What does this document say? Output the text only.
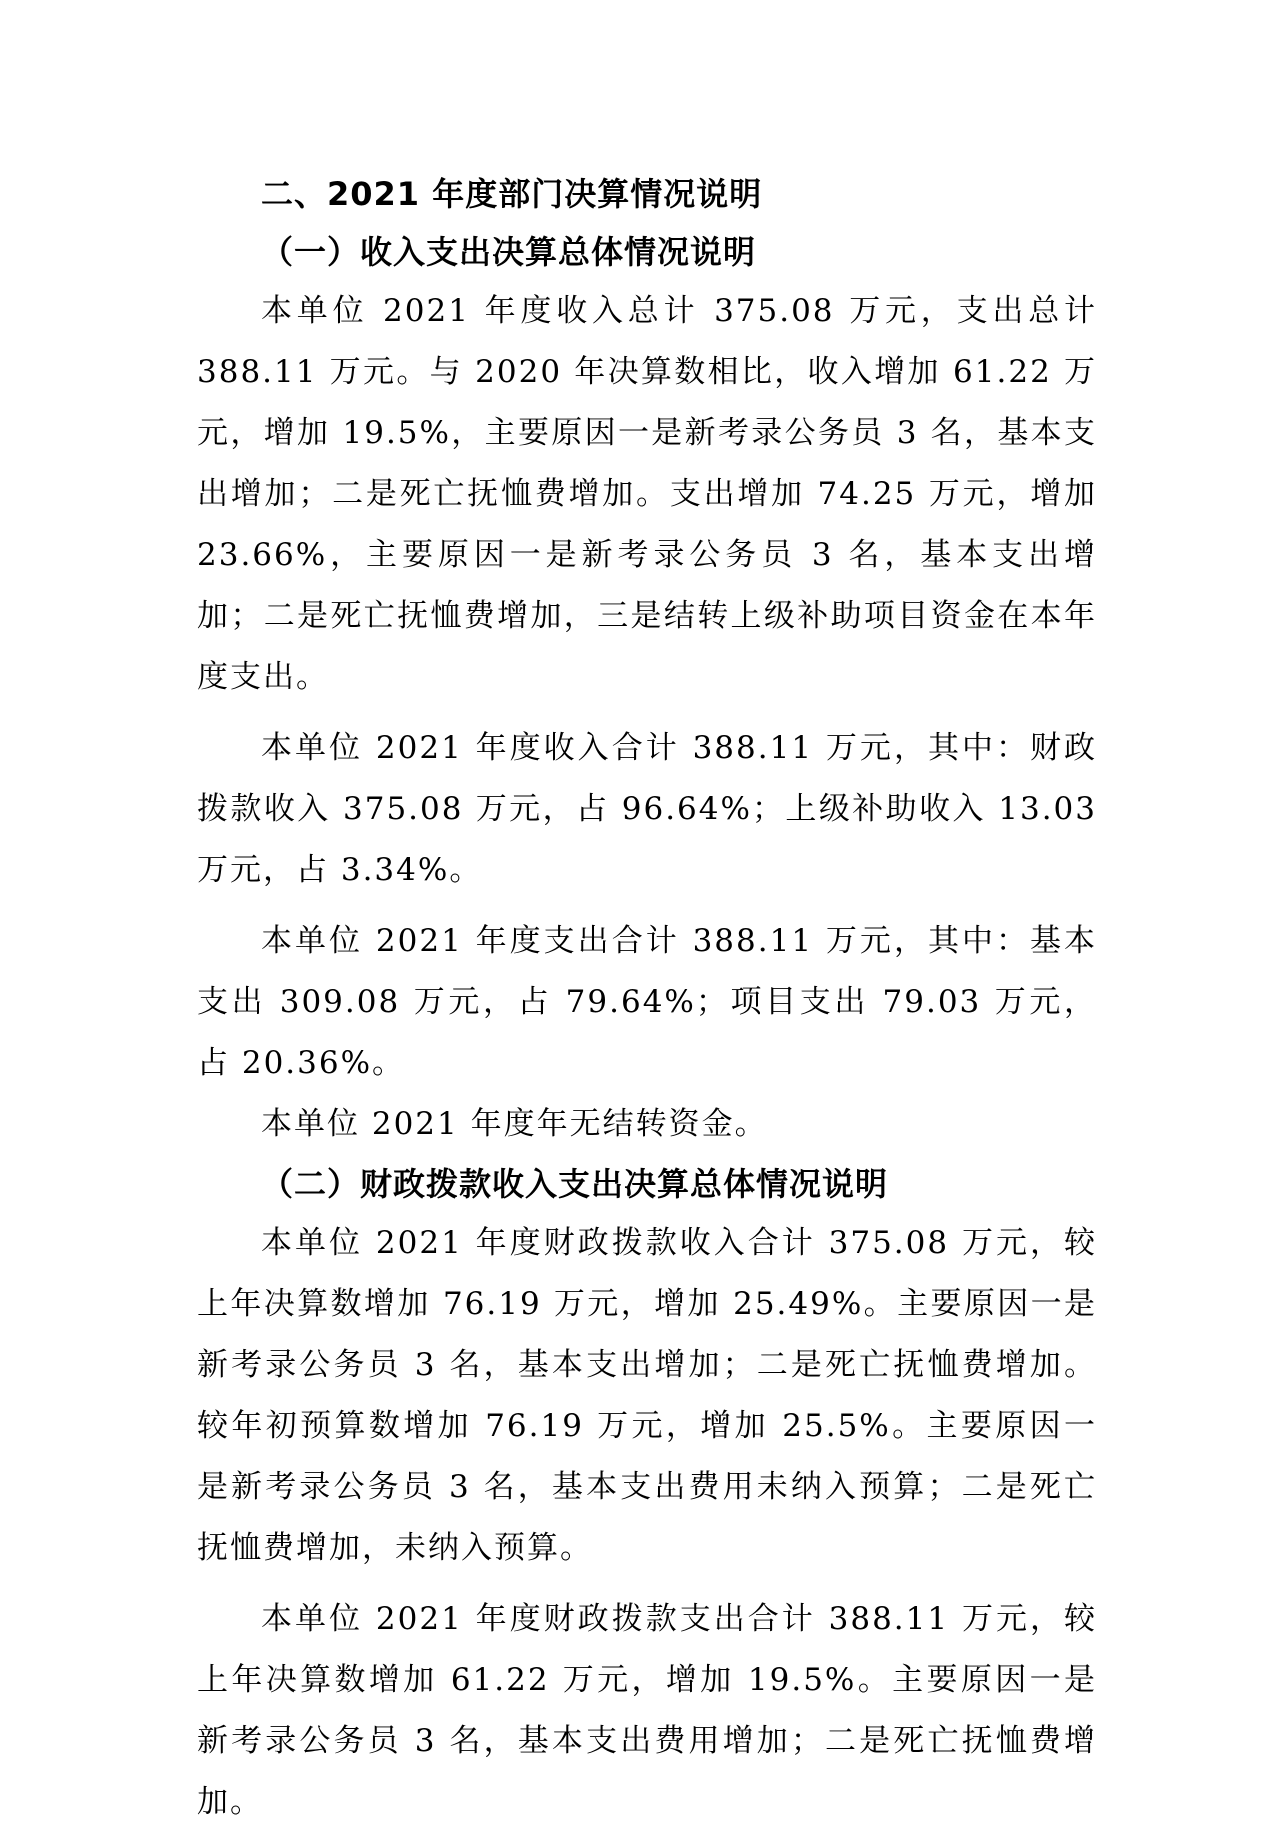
二、2021 年度部门决算情况说明
（一）收入支出决算总体情况说明

本单位 2021 年度收入总计 375.08 万元，支出总计 388.11 万元。与 2020 年决算数相比，收入增加 61.22 万元，增加 19.5%，主要原因一是新考录公务员 3 名，基本支出增加；二是死亡抚恤费增加。支出增加 74.25 万元，增加 23.66%，主要原因一是新考录公务员 3 名，基本支出增加；二是死亡抚恤费增加，三是结转上级补助项目资金在本年度支出。

本单位 2021 年度收入合计 388.11 万元，其中：财政拨款收入 375.08 万元，占 96.64%；上级补助收入 13.03 万元，占 3.34%。

本单位 2021 年度支出合计 388.11 万元，其中：基本支出 309.08 万元，占 79.64%；项目支出 79.03 万元，占 20.36%。

本单位 2021 年度年无结转资金。

（二）财政拨款收入支出决算总体情况说明

本单位 2021 年度财政拨款收入合计 375.08 万元，较上年决算数增加 76.19 万元，增加 25.49%。主要原因一是新考录公务员 3 名，基本支出增加；二是死亡抚恤费增加。较年初预算数增加 76.19 万元，增加 25.5%。主要原因一是新考录公务员 3 名，基本支出费用未纳入预算；二是死亡抚恤费增加，未纳入预算。

本单位 2021 年度财政拨款支出合计 388.11 万元，较上年决算数增加 61.22 万元，增加 19.5%。主要原因一是新考录公务员 3 名，基本支出费用增加；二是死亡抚恤费增加。
